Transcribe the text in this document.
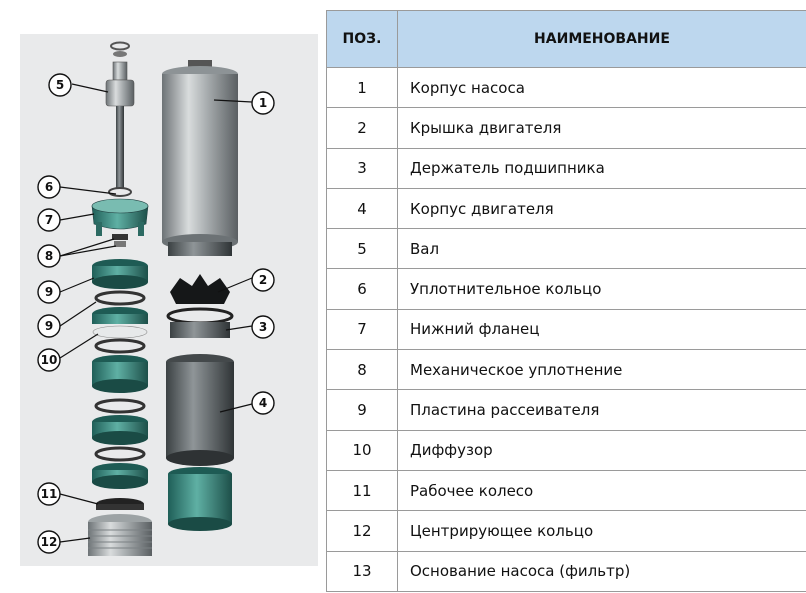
5
1
2
3
4
6
7
8
9
9
10
11
12
ПОЗ.	НАИМЕНОВАНИЕ
1	Корпус насоса
2	Крышка двигателя
3	Держатель подшипника
4	Корпус двигателя
5	Вал
6	Уплотнительное кольцо
7	Нижний фланец
8	Механическое уплотнение
9	Пластина рассеивателя
10	Диффузор
11	Рабочее колесо
12	Центрирующее кольцо
13	Основание насоса (фильтр)
